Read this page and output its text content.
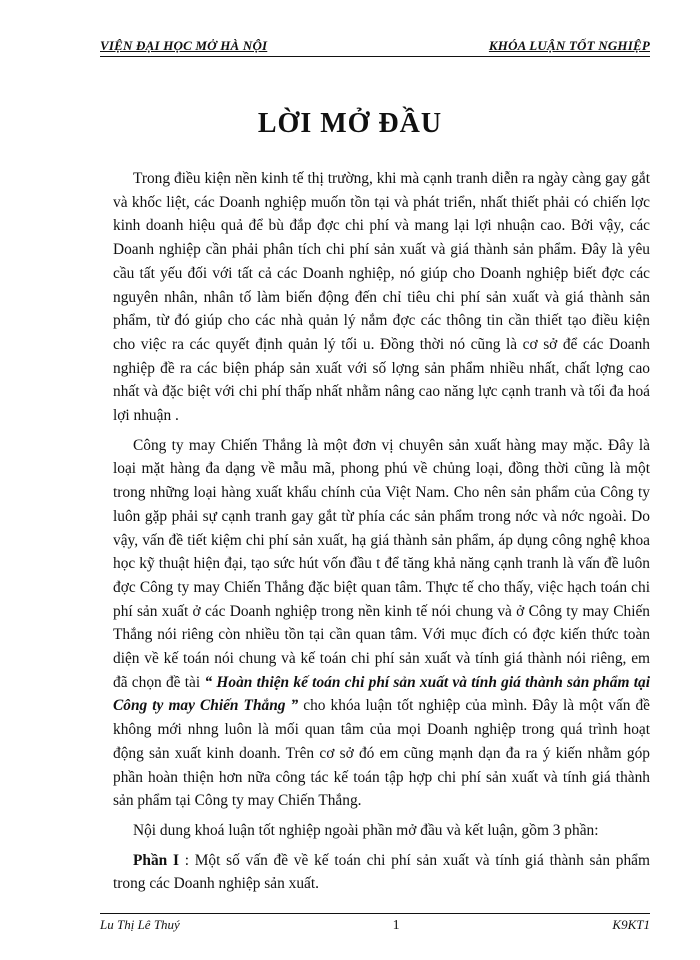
VIỆN ĐẠI HỌC MỞ HÀ NỘI	KHÓA LUẬN TỐT NGHIỆP
LỜI MỞ ĐẦU

Trong điều kiện nền kinh tế thị trường, khi mà cạnh tranh diễn ra ngày càng gay gắt và khốc liệt, các Doanh nghiệp muốn tồn tại và phát triển, nhất thiết phải có chiến lợc kinh doanh hiệu quả để bù đắp đợc chi phí và mang lại lợi nhuận cao. Bởi vậy, các Doanh nghiệp cần phải phân tích chi phí sản xuất và giá thành sản phẩm. Đây là yêu cầu tất yếu đối với tất cả các Doanh nghiệp, nó giúp cho Doanh nghiệp biết đợc các nguyên nhân, nhân tố làm biến động đến chỉ tiêu chi phí sản xuất và giá thành sản phẩm, từ đó giúp cho các nhà quản lý nắm đợc các thông tin cần thiết tạo điều kiện cho việc ra các quyết định quản lý tối u. Đồng thời nó cũng là cơ sở để các Doanh nghiệp đề ra các biện pháp sản xuất với số lợng sản phẩm nhiều nhất, chất lợng cao nhất và đặc biệt với chi phí thấp nhất nhằm nâng cao năng lực cạnh tranh và tối đa hoá lợi nhuận .

Công ty may Chiến Thắng là một đơn vị chuyên sản xuất hàng may mặc. Đây là loại mặt hàng đa dạng về mẫu mã, phong phú về chủng loại, đồng thời cũng là một trong những loại hàng xuất khẩu chính của Việt Nam. Cho nên sản phẩm của Công ty luôn gặp phải sự cạnh tranh gay gắt từ phía các sản phẩm trong nớc và nớc ngoài. Do vậy, vấn đề tiết kiệm chi phí sản xuất, hạ giá thành sản phẩm, áp dụng công nghệ khoa học kỹ thuật hiện đại, tạo sức hút vốn đầu t để tăng khả năng cạnh tranh là vấn đề luôn đợc Công ty may Chiến Thắng đặc biệt quan tâm. Thực tế cho thấy, việc hạch toán chi phí sản xuất ở các Doanh nghiệp trong nền kinh tế nói chung và ở Công ty may Chiến Thắng nói riêng còn nhiều tồn tại cần quan tâm. Với mục đích có đợc kiến thức toàn diện về kế toán nói chung và kế toán chi phí sản xuất và tính giá thành nói riêng, em đã chọn đề tài “ Hoàn thiện kế toán chi phí sản xuất và tính giá thành sản phẩm tại Công ty may Chiến Thắng ” cho khóa luận tốt nghiệp của mình. Đây là một vấn đề không mới nhng luôn là mối quan tâm của mọi Doanh nghiệp trong quá trình hoạt động sản xuất kinh doanh. Trên cơ sở đó em cũng mạnh dạn đa ra ý kiến nhằm góp phần hoàn thiện hơn nữa công tác kế toán tập hợp chi phí sản xuất và tính giá thành sản phẩm tại Công ty may Chiến Thắng.

Nội dung khoá luận tốt nghiệp ngoài phần mở đầu và kết luận, gồm 3 phần:

Phần I : Một số vấn đề về kế toán chi phí sản xuất và tính giá thành sản phẩm trong các Doanh nghiệp sản xuất.

Lu Thị Lê Thuý	1	K9KT1
